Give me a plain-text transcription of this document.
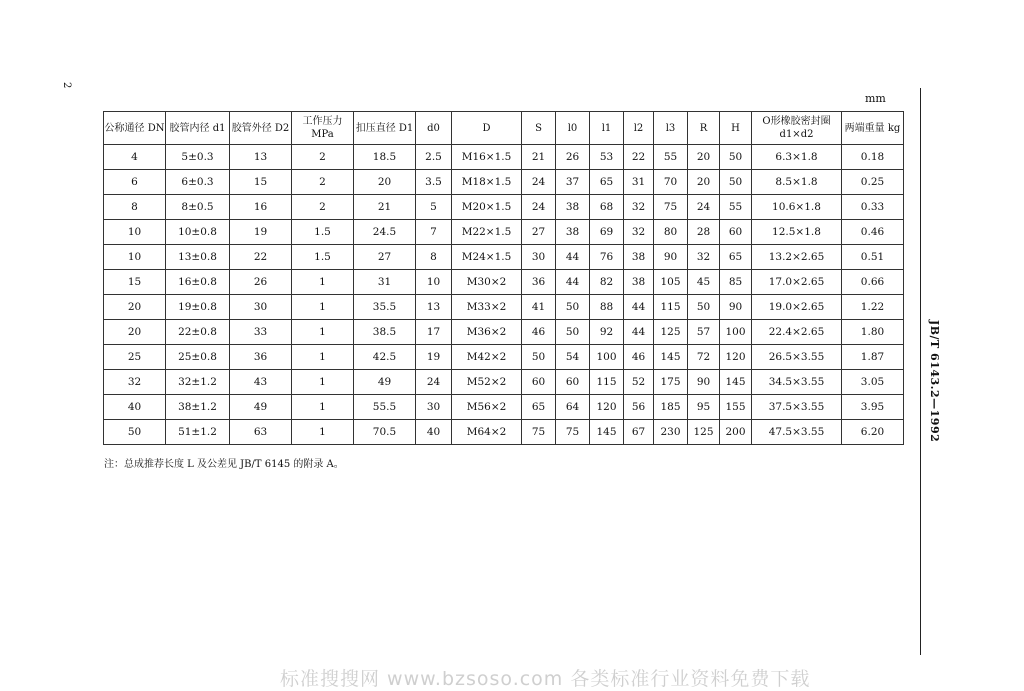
2
mm
JB/T 6143.2—1992
公称通径 DN	胶管内径 d1	胶管外径 D2	工作压力 MPa	扣压直径 D1	d0	D	S	l0	l1	l2	l3	R	H	O形橡胶密封圈 d1×d2	两端重量 kg
4	5±0.3	13	2	18.5	2.5	M16×1.5	21	26	53	22	55	20	50	6.3×1.8	0.18
6	6±0.3	15	2	20	3.5	M18×1.5	24	37	65	31	70	20	50	8.5×1.8	0.25
8	8±0.5	16	2	21	5	M20×1.5	24	38	68	32	75	24	55	10.6×1.8	0.33
10	10±0.8	19	1.5	24.5	7	M22×1.5	27	38	69	32	80	28	60	12.5×1.8	0.46
10	13±0.8	22	1.5	27	8	M24×1.5	30	44	76	38	90	32	65	13.2×2.65	0.51
15	16±0.8	26	1	31	10	M30×2	36	44	82	38	105	45	85	17.0×2.65	0.66
20	19±0.8	30	1	35.5	13	M33×2	41	50	88	44	115	50	90	19.0×2.65	1.22
20	22±0.8	33	1	38.5	17	M36×2	46	50	92	44	125	57	100	22.4×2.65	1.80
25	25±0.8	36	1	42.5	19	M42×2	50	54	100	46	145	72	120	26.5×3.55	1.87
32	32±1.2	43	1	49	24	M52×2	60	60	115	52	175	90	145	34.5×3.55	3.05
40	38±1.2	49	1	55.5	30	M56×2	65	64	120	56	185	95	155	37.5×3.55	3.95
50	51±1.2	63	1	70.5	40	M64×2	75	75	145	67	230	125	200	47.5×3.55	6.20
注：总成推荐长度 L 及公差见 JB/T 6145 的附录 A。
标准搜搜网 www.bzsoso.com 各类标准行业资料免费下载
